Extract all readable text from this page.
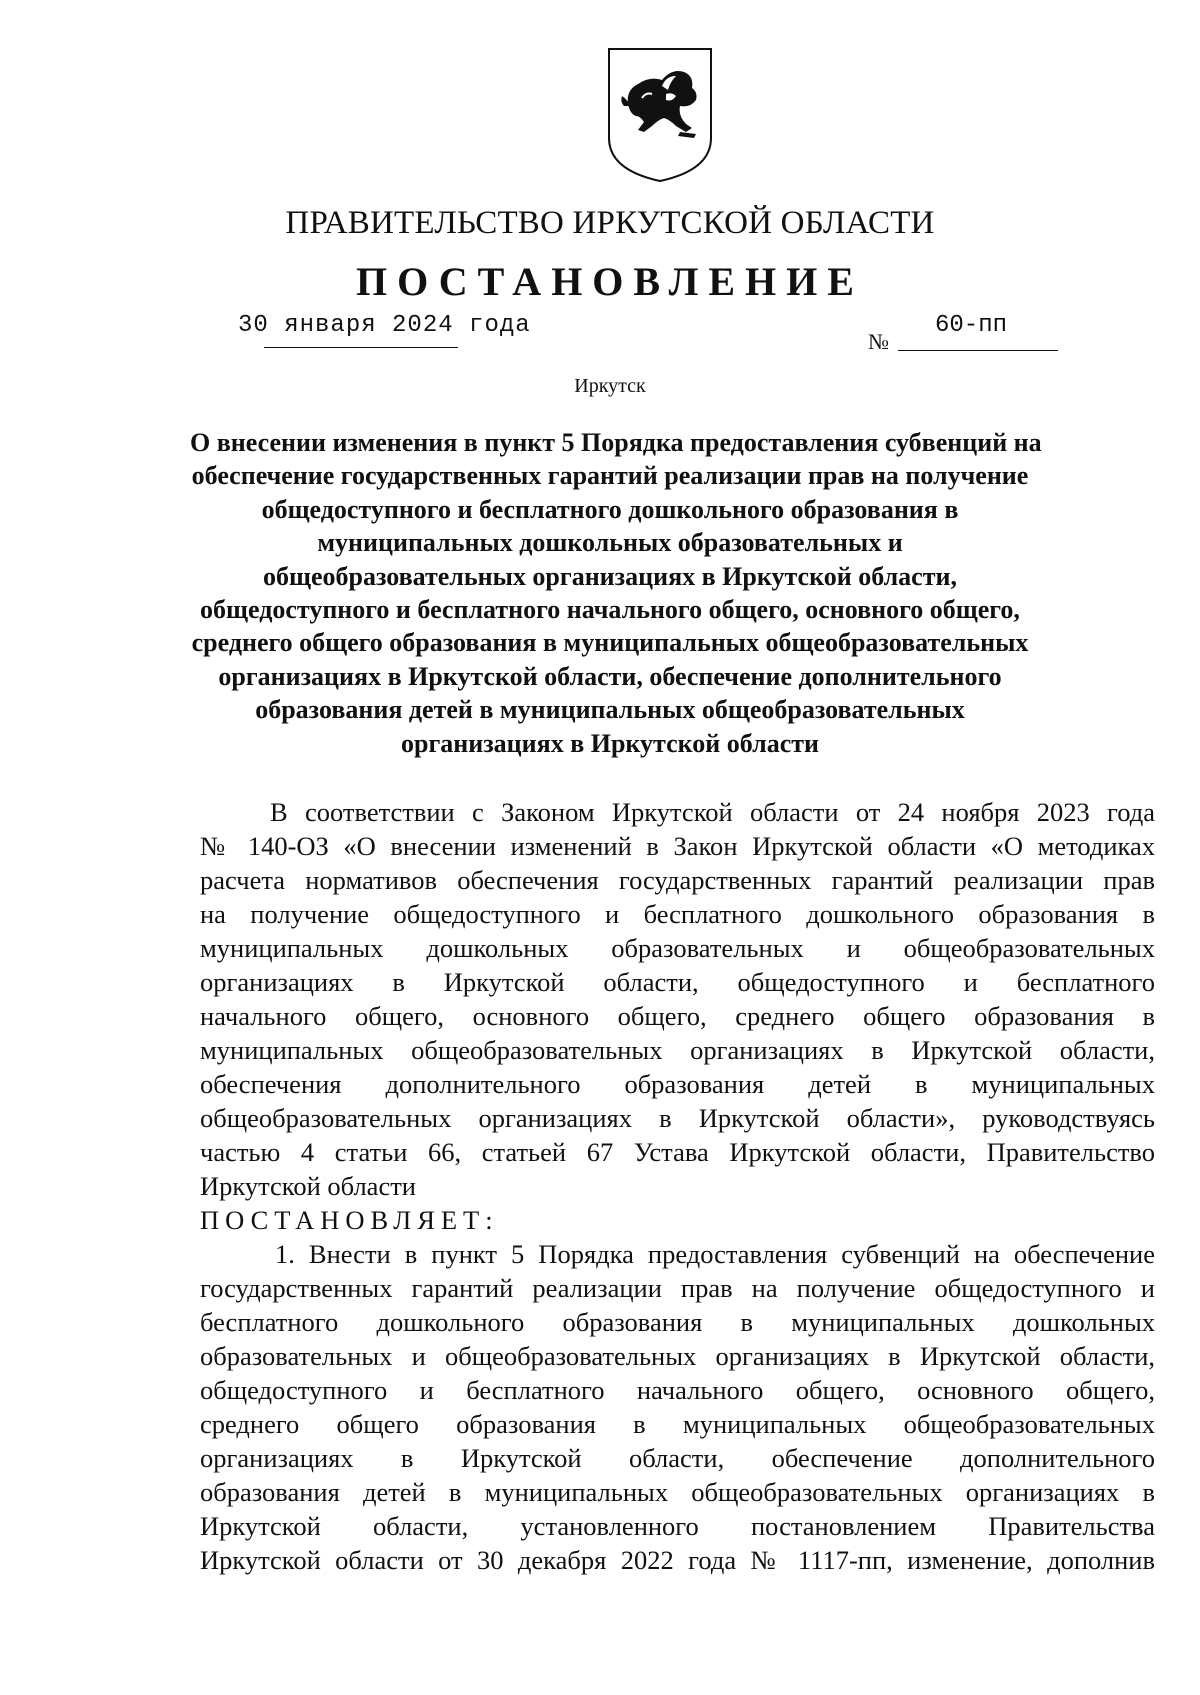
ПРАВИТЕЛЬСТВО ИРКУТСКОЙ ОБЛАСТИ
ПОСТАНОВЛЕНИЕ
30 января 2024 года
№
60-пп
Иркутск
О внесении изменения в пункт 5 Порядка предоставления субвенций на
обеспечение государственных гарантий реализации прав на получение
общедоступного и бесплатного дошкольного образования в
муниципальных дошкольных образовательных и
общеобразовательных организациях в Иркутской области,
общедоступного и бесплатного начального общего, основного общего,
среднего общего образования в муниципальных общеобразовательных
организациях в Иркутской области, обеспечение дополнительного
образования детей в муниципальных общеобразовательных
организациях в Иркутской области
В соответствии с Законом Иркутской области от 24 ноября 2023 года
№ 140-ОЗ «О внесении изменений в Закон Иркутской области «О методиках
расчета нормативов обеспечения государственных гарантий реализации прав
на получение общедоступного и бесплатного дошкольного образования в
муниципальных дошкольных образовательных и общеобразовательных
организациях в Иркутской области, общедоступного и бесплатного
начального общего, основного общего, среднего общего образования в
муниципальных общеобразовательных организациях в Иркутской области,
обеспечения дополнительного образования детей в муниципальных
общеобразовательных организациях в Иркутской области», руководствуясь
частью 4 статьи 66, статьей 67 Устава Иркутской области, Правительство
Иркутской области
ПОСТАНОВЛЯЕТ:
1. Внести в пункт 5 Порядка предоставления субвенций на обеспечение
государственных гарантий реализации прав на получение общедоступного и
бесплатного дошкольного образования в муниципальных дошкольных
образовательных и общеобразовательных организациях в Иркутской области,
общедоступного и бесплатного начального общего, основного общего,
среднего общего образования в муниципальных общеобразовательных
организациях в Иркутской области, обеспечение дополнительного
образования детей в муниципальных общеобразовательных организациях в
Иркутской области, установленного постановлением Правительства
Иркутской области от 30 декабря 2022 года № 1117-пп, изменение, дополнив
